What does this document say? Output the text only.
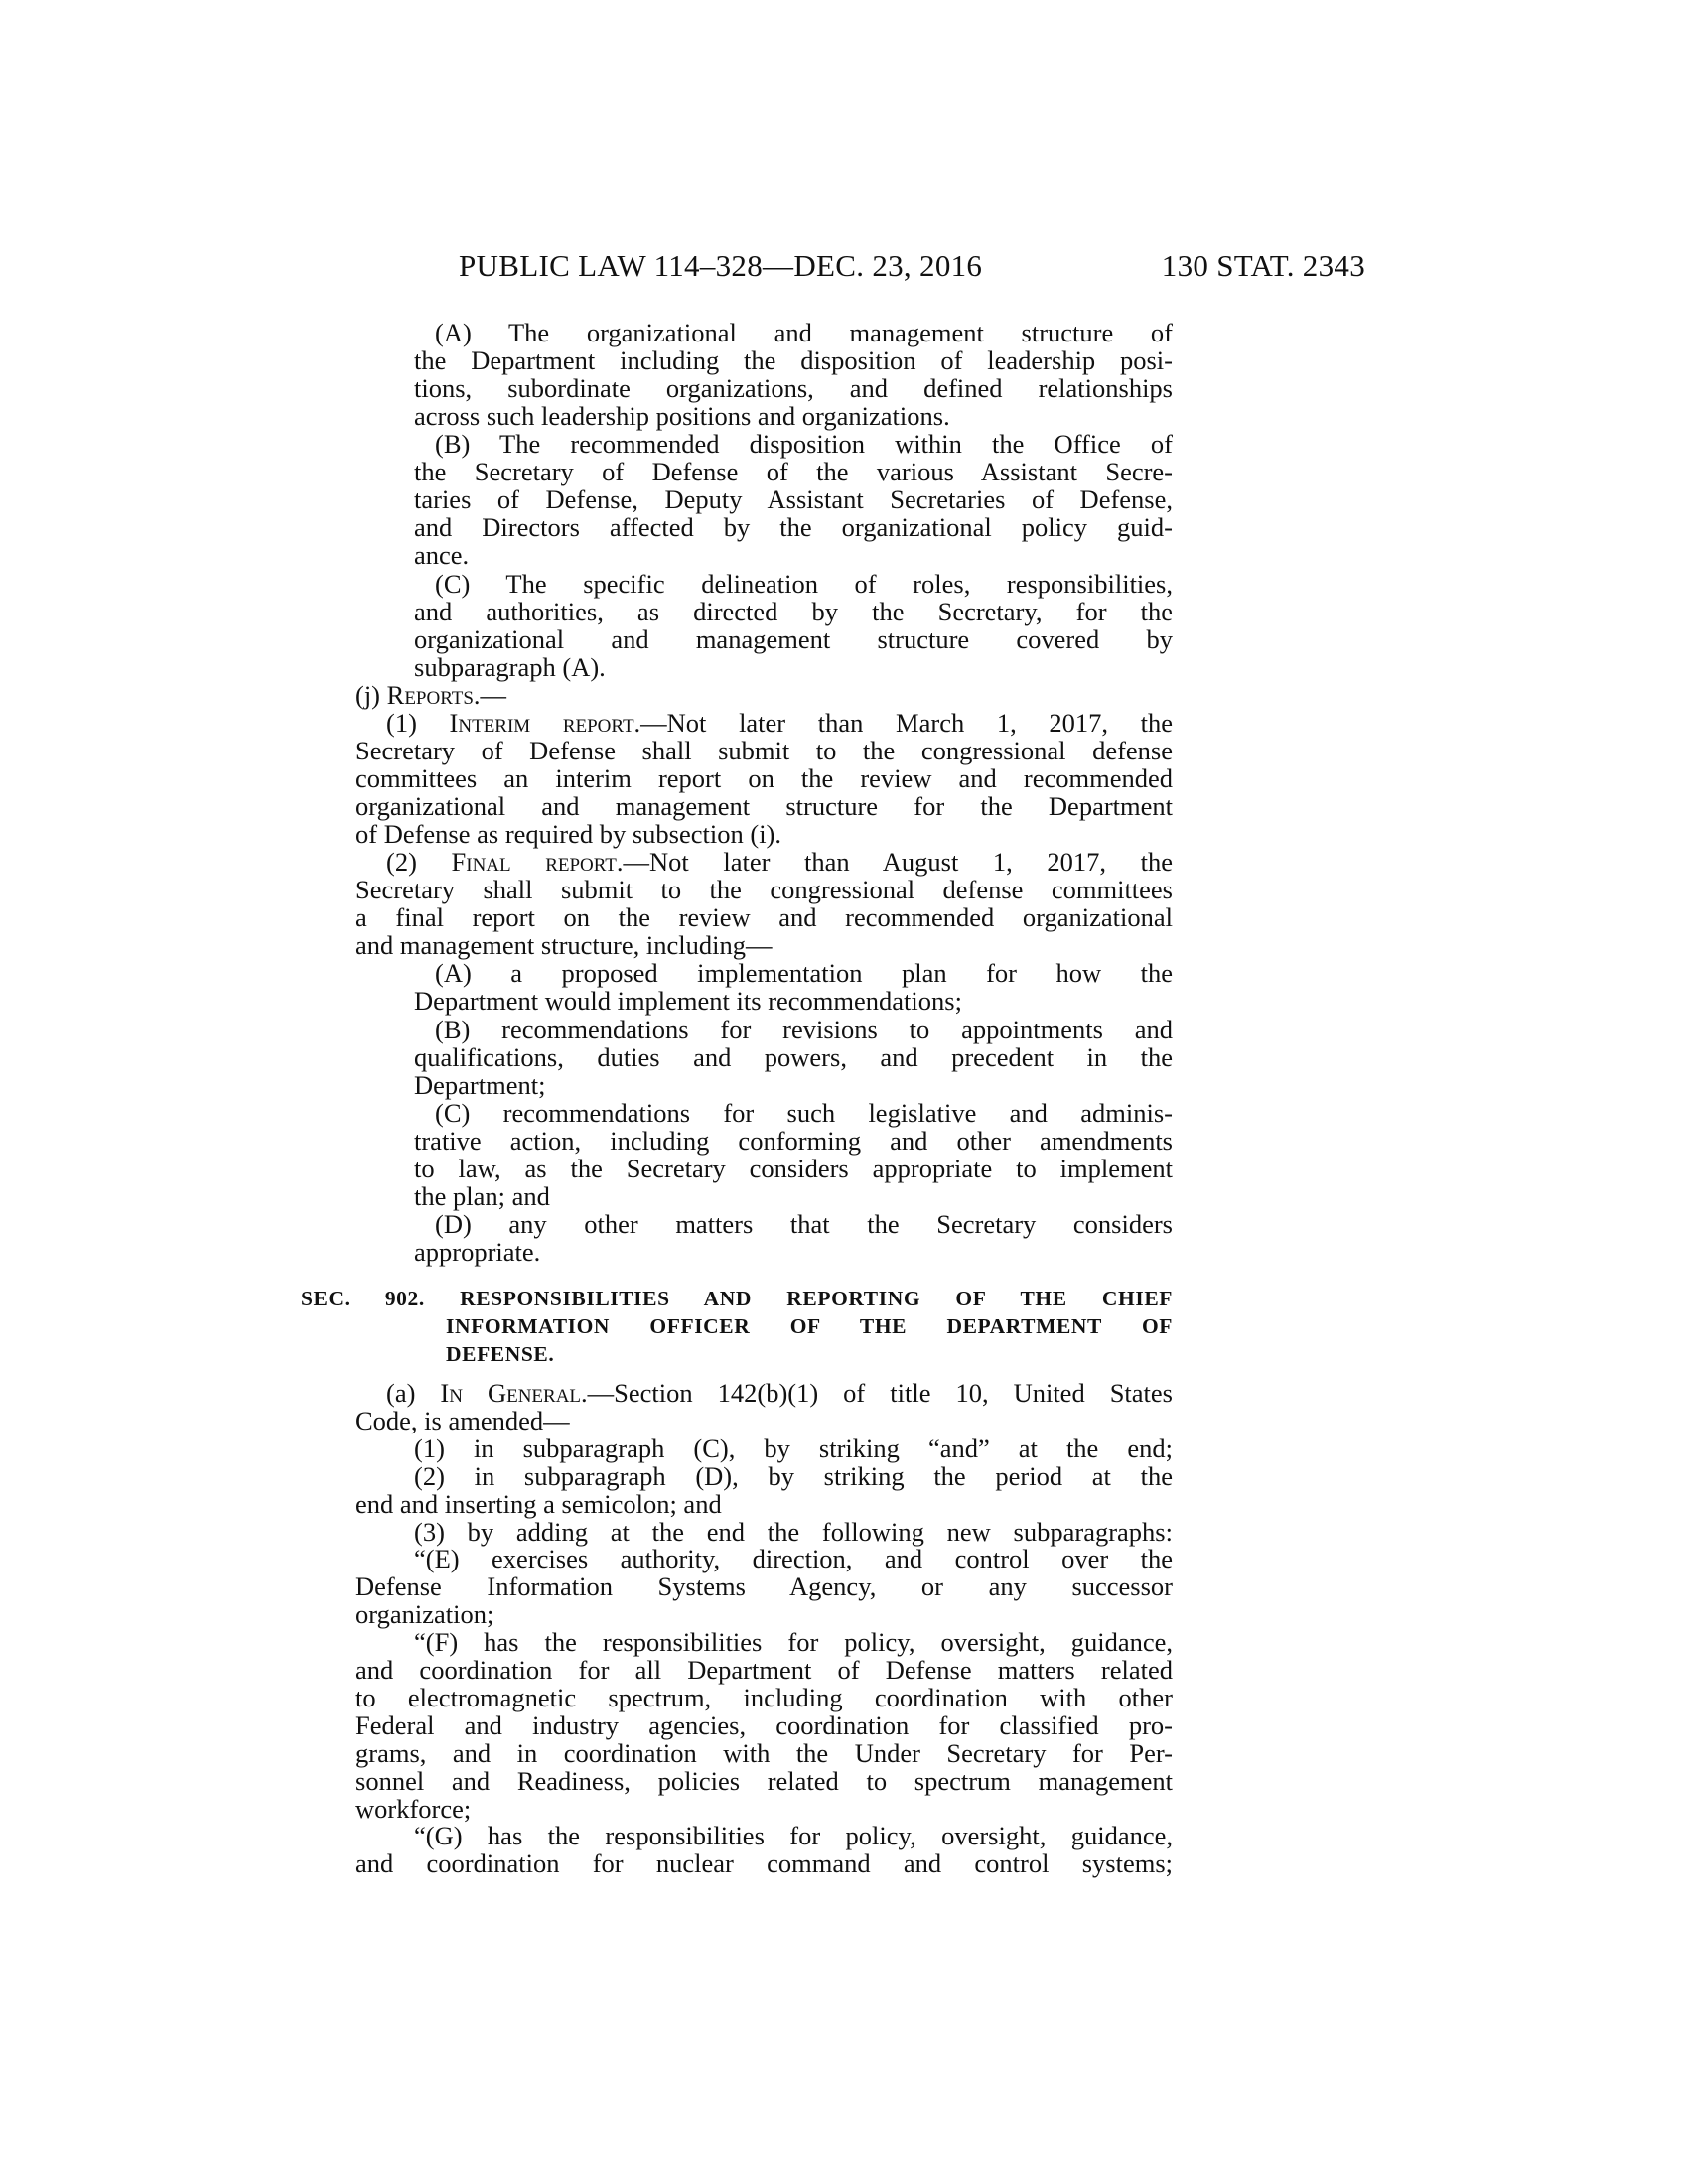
PUBLIC LAW 114–328—DEC. 23, 2016	130 STAT. 2343
(A) The organizational and management structure of
the Department including the disposition of leadership posi-
tions, subordinate organizations, and defined relationships
across such leadership positions and organizations.
(B) The recommended disposition within the Office of
the Secretary of Defense of the various Assistant Secre-
taries of Defense, Deputy Assistant Secretaries of Defense,
and Directors affected by the organizational policy guid-
ance.
(C) The specific delineation of roles, responsibilities,
and authorities, as directed by the Secretary, for the
organizational and management structure covered by
subparagraph (A).
(j) Reports.—
(1) Interim report.—Not later than March 1, 2017, the
Secretary of Defense shall submit to the congressional defense
committees an interim report on the review and recommended
organizational and management structure for the Department
of Defense as required by subsection (i).
(2) Final report.—Not later than August 1, 2017, the
Secretary shall submit to the congressional defense committees
a final report on the review and recommended organizational
and management structure, including—
(A) a proposed implementation plan for how the
Department would implement its recommendations;
(B) recommendations for revisions to appointments and
qualifications, duties and powers, and precedent in the
Department;
(C) recommendations for such legislative and adminis-
trative action, including conforming and other amendments
to law, as the Secretary considers appropriate to implement
the plan; and
(D) any other matters that the Secretary considers
appropriate.
SEC. 902. RESPONSIBILITIES AND REPORTING OF THE CHIEF
INFORMATION OFFICER OF THE DEPARTMENT OF
DEFENSE.
(a) In General.—Section 142(b)(1) of title 10, United States
Code, is amended—
(1) in subparagraph (C), by striking “and” at the end;
(2) in subparagraph (D), by striking the period at the
end and inserting a semicolon; and
(3) by adding at the end the following new subparagraphs:
“(E) exercises authority, direction, and control over the
Defense Information Systems Agency, or any successor
organization;
“(F) has the responsibilities for policy, oversight, guidance,
and coordination for all Department of Defense matters related
to electromagnetic spectrum, including coordination with other
Federal and industry agencies, coordination for classified pro-
grams, and in coordination with the Under Secretary for Per-
sonnel and Readiness, policies related to spectrum management
workforce;
“(G) has the responsibilities for policy, oversight, guidance,
and coordination for nuclear command and control systems;
